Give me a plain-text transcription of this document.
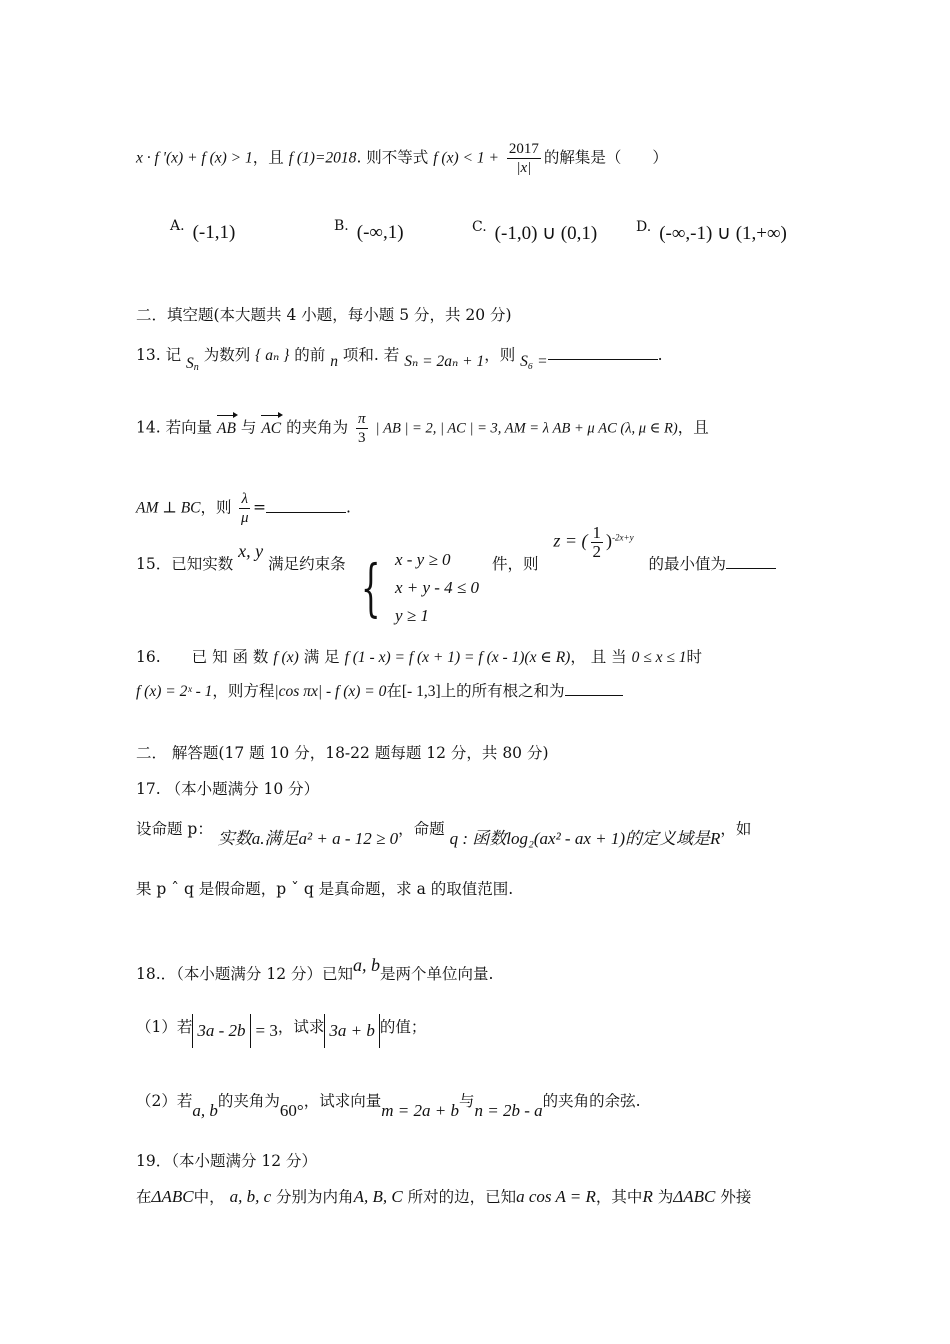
x · f '(x) + f (x) > 1，且 f (1)=2018. 则不等式 f $(x) < 1 + \frac{2017}{|x|}$ 的解集是（　　）
A. (-1,1)	B. (-∞,1)	C. (-1,0) ∪ (0,1)	D. (-∞,-1) ∪ (1,+∞)
二．填空题(本大题共 4 小题，每小题 5 分，共 20 分)
13. 记 $S_n$ 为数列 { aₙ } 的前 n 项和. 若 Sₙ = 2aₙ + 1，则 S₆ =	.
14. 若向量 AB 与 AC 的夹角为 $\frac{\pi}{3}$ | AB | = 2, | AC | = 3, AM = λ AB + μ AC (λ, μ ∈ R)，且
AM ⊥ BC，则 $\frac{\lambda}{\mu}$ =	.
15．已知实数 x, y 满足约束条 { x - y ≥ 0
x + y - 4 ≤ 0
y ≥ 1
件，则 z = ( $\frac{1}{2} )^{-2x+y}$ 的最小值为
16.　　已 知 函 数 f (x) 满 足 f (1 - x) = f (x + 1) = f (x - 1)(x ∈ R)， 且 当 0 ≤ x ≤ 1时
f (x) = 2ˣ - 1，则方程|cos πx| - f (x) = 0在[- 1,3]上的所有根之和为
二． 解答题(17 题 10 分，18-22 题每题 12 分，共 80 分)
17. （本小题满分 10 分）
设命题 p： 实数a.满足a² + a - 12 ≥ 0，命题 q : 函数log₂(ax² - ax + 1)的定义域是R，如
果 p ˆ q 是假命题，p ˇ q 是真命题，求 a 的取值范围.
18.．（本小题满分 12 分）已知a, b是两个单位向量.
（1）若 3a - 2b = 3，试求 3a + b 的值；
（2）若a, b的夹角为60°，试求向量m = 2a + b与n = 2b - a的夹角的余弦.
19．（本小题满分 12 分）
在ΔABC中， a, b, c 分别为内角A, B, C 所对的边，已知a cos A = R，其中R 为ΔABC 外接
